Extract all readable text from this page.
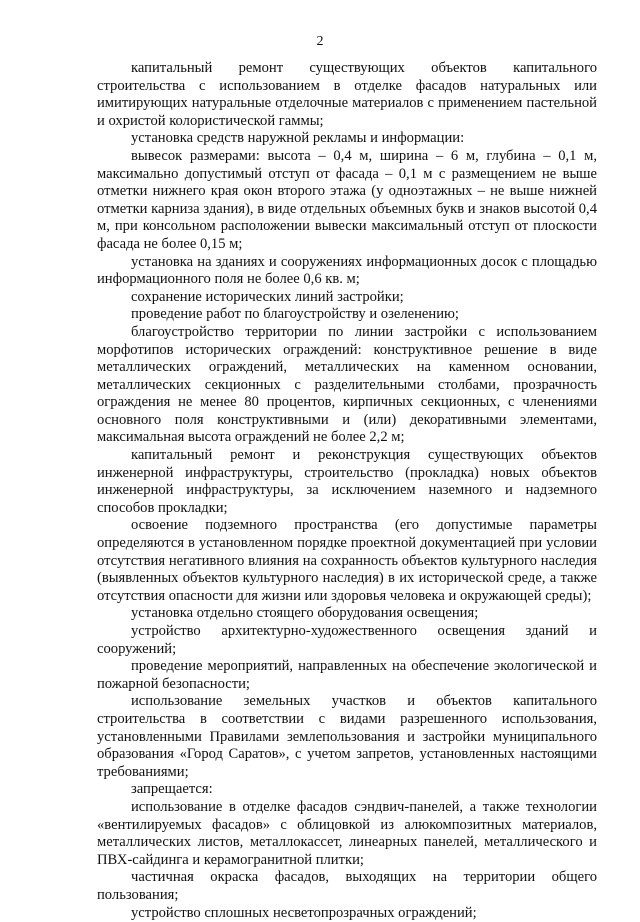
2

капитальный ремонт существующих объектов капитального строительства с использованием в отделке фасадов натуральных или имитирующих натуральные отделочные материалов с применением пастельной и охристой колористической гаммы;

установка средств наружной рекламы и информации:

вывесок размерами: высота – 0,4 м, ширина – 6 м, глубина – 0,1 м, максимально допустимый отступ от фасада – 0,1 м с размещением не выше отметки нижнего края окон второго этажа (у одноэтажных – не выше нижней отметки карниза здания), в виде отдельных объемных букв и знаков высотой 0,4 м, при консольном расположении вывески максимальный отступ от плоскости фасада не более 0,15 м;

установка на зданиях и сооружениях информационных досок с площадью информационного поля не более 0,6 кв. м;

сохранение исторических линий застройки;

проведение работ по благоустройству и озеленению;

благоустройство территории по линии застройки с использованием морфотипов исторических ограждений: конструктивное решение в виде металлических ограждений, металлических на каменном основании, металлических секционных с разделительными столбами, прозрачность ограждения не менее 80 процентов, кирпичных секционных, с членениями основного поля конструктивными и (или) декоративными элементами, максимальная высота ограждений не более 2,2 м;

капитальный ремонт и реконструкция существующих объектов инженерной инфраструктуры, строительство (прокладка) новых объектов инженерной инфраструктуры, за исключением наземного и надземного способов прокладки;

освоение подземного пространства (его допустимые параметры определяются в установленном порядке проектной документацией при условии отсутствия негативного влияния на сохранность объектов культурного наследия (выявленных объектов культурного наследия) в их исторической среде, а также отсутствия опасности для жизни или здоровья человека и окружающей среды);

установка отдельно стоящего оборудования освещения;

устройство архитектурно-художественного освещения зданий и сооружений;

проведение мероприятий, направленных на обеспечение экологической и пожарной безопасности;

использование земельных участков и объектов капитального строительства в соответствии с видами разрешенного использования, установленными Правилами землепользования и застройки муниципального образования «Город Саратов», с учетом запретов, установленных настоящими требованиями;

запрещается:

использование в отделке фасадов сэндвич-панелей, а также технологии «вентилируемых фасадов» с облицовкой из алюкомпозитных материалов, металлических листов, металлокассет, линеарных панелей, металлического и ПВХ-сайдинга и керамогранитной плитки;

частичная окраска фасадов, выходящих на территории общего пользования;

устройство сплошных несветопрозрачных ограждений;
